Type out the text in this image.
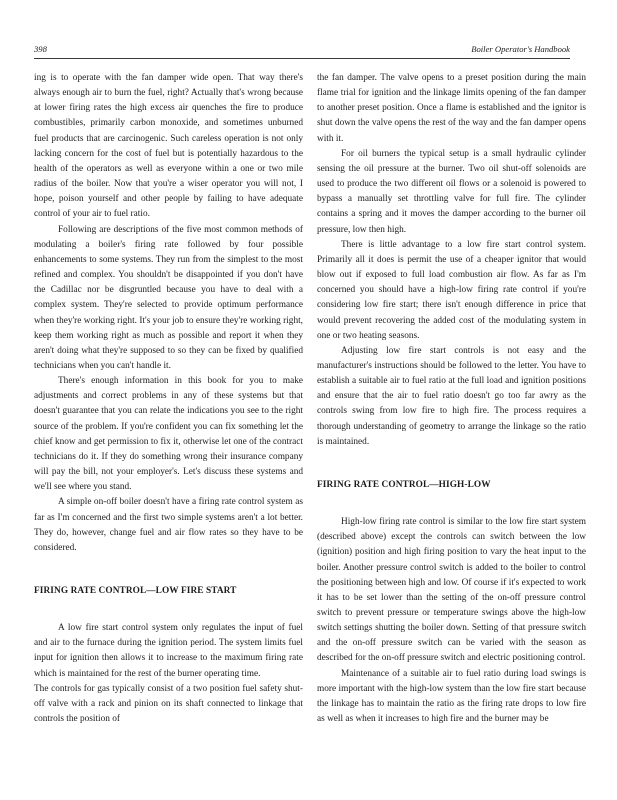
398	Boiler Operator's Handbook

ing is to operate with the fan damper wide open. That way there's always enough air to burn the fuel, right? Actually that's wrong because at lower firing rates the high excess air quenches the fire to produce combustibles, primarily carbon monoxide, and sometimes unburned fuel products that are carcinogenic. Such careless operation is not only lacking concern for the cost of fuel but is potentially hazardous to the health of the operators as well as everyone within a one or two mile radius of the boiler. Now that you're a wiser operator you will not, I hope, poison yourself and other people by failing to have adequate control of your air to fuel ratio.

Following are descriptions of the five most common methods of modulating a boiler's firing rate followed by four possible enhancements to some systems. They run from the simplest to the most refined and complex. You shouldn't be disappointed if you don't have the Cadillac nor be disgruntled because you have to deal with a complex system. They're selected to provide optimum performance when they're working right. It's your job to ensure they're working right, keep them working right as much as possible and report it when they aren't doing what they're supposed to so they can be fixed by qualified technicians when you can't handle it.

There's enough information in this book for you to make adjustments and correct problems in any of these systems but that doesn't guarantee that you can relate the indications you see to the right source of the problem. If you're confident you can fix something let the chief know and get permission to fix it, otherwise let one of the contract technicians do it. If they do something wrong their insurance company will pay the bill, not your employer's. Let's discuss these systems and we'll see where you stand.

A simple on-off boiler doesn't have a firing rate control system as far as I'm concerned and the first two simple systems aren't a lot better. They do, however, change fuel and air flow rates so they have to be considered.

FIRING RATE CONTROL—LOW FIRE START

A low fire start control system only regulates the input of fuel and air to the furnace during the ignition period. The system limits fuel input for ignition then allows it to increase to the maximum firing rate which is maintained for the rest of the burner operating time.

The controls for gas typically consist of a two position fuel safety shut-off valve with a rack and pinion on its shaft connected to linkage that controls the position of

the fan damper. The valve opens to a preset position during the main flame trial for ignition and the linkage limits opening of the fan damper to another preset position. Once a flame is established and the ignitor is shut down the valve opens the rest of the way and the fan damper opens with it.

For oil burners the typical setup is a small hydraulic cylinder sensing the oil pressure at the burner. Two oil shut-off solenoids are used to produce the two different oil flows or a solenoid is powered to bypass a manually set throttling valve for full fire. The cylinder contains a spring and it moves the damper according to the burner oil pressure, low then high.

There is little advantage to a low fire start control system. Primarily all it does is permit the use of a cheaper ignitor that would blow out if exposed to full load combustion air flow. As far as I'm concerned you should have a high-low firing rate control if you're considering low fire start; there isn't enough difference in price that would prevent recovering the added cost of the modulating system in one or two heating seasons.

Adjusting low fire start controls is not easy and the manufacturer's instructions should be followed to the letter. You have to establish a suitable air to fuel ratio at the full load and ignition positions and ensure that the air to fuel ratio doesn't go too far awry as the controls swing from low fire to high fire. The process requires a thorough understanding of geometry to arrange the linkage so the ratio is maintained.

FIRING RATE CONTROL—HIGH-LOW

High-low firing rate control is similar to the low fire start system (described above) except the controls can switch between the low (ignition) position and high firing position to vary the heat input to the boiler. Another pressure control switch is added to the boiler to control the positioning between high and low. Of course if it's expected to work it has to be set lower than the setting of the on-off pressure control switch to prevent pressure or temperature swings above the high-low switch settings shutting the boiler down. Setting of that pressure switch and the on-off pressure switch can be varied with the season as described for the on-off pressure switch and electric positioning control.

Maintenance of a suitable air to fuel ratio during load swings is more important with the high-low system than the low fire start because the linkage has to maintain the ratio as the firing rate drops to low fire as well as when it increases to high fire and the burner may be
